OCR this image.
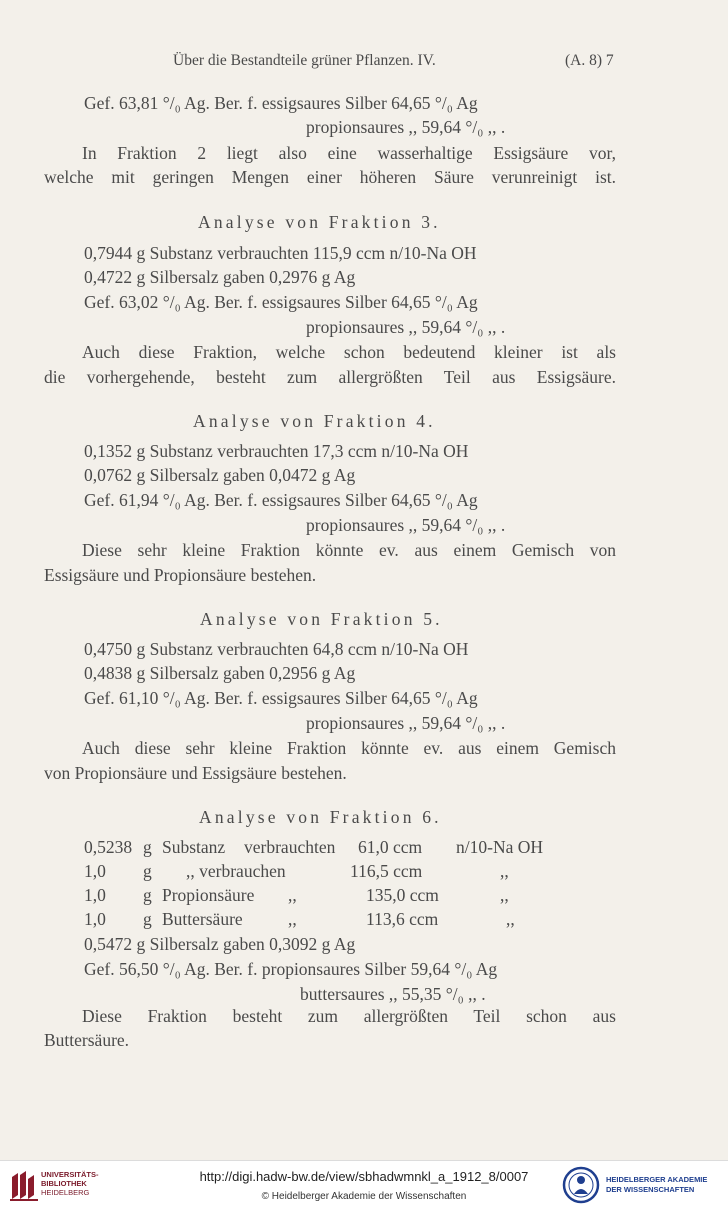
Über die Bestandteile grüner Pflanzen. IV.	(A. 8) 7
Gef. 63,81 °/₀ Ag. Ber. f. essigsaures Silber 64,65 °/₀ Ag
propionsaures ,, 59,64 °/₀ ,, .
In Fraktion 2 liegt also eine wasserhaltige Essigsäure vor,
welche mit geringen Mengen einer höheren Säure verunreinigt ist.
Analyse von Fraktion 3.
0,7944 g Substanz verbrauchten 115,9 ccm n/10-Na OH
0,4722 g Silbersalz gaben 0,2976 g Ag
Gef. 63,02 °/₀ Ag. Ber. f. essigsaures Silber 64,65 °/₀ Ag
propionsaures ,, 59,64 °/₀ ,, .
Auch diese Fraktion, welche schon bedeutend kleiner ist als
die vorhergehende, besteht zum allergrößten Teil aus Essigsäure.
Analyse von Fraktion 4.
0,1352 g Substanz verbrauchten 17,3 ccm n/10-Na OH
0,0762 g Silbersalz gaben 0,0472 g Ag
Gef. 61,94 °/₀ Ag. Ber. f. essigsaures Silber 64,65 °/₀ Ag
propionsaures ,, 59,64 °/₀ ,, .
Diese sehr kleine Fraktion könnte ev. aus einem Gemisch von
Essigsäure und Propionsäure bestehen.
Analyse von Fraktion 5.
0,4750 g Substanz verbrauchten 64,8 ccm n/10-Na OH
0,4838 g Silbersalz gaben 0,2956 g Ag
Gef. 61,10 °/₀ Ag. Ber. f. essigsaures Silber 64,65 °/₀ Ag
propionsaures ,, 59,64 °/₀ ,, .
Auch diese sehr kleine Fraktion könnte ev. aus einem Gemisch
von Propionsäure und Essigsäure bestehen.
Analyse von Fraktion 6.
0,5238 g Substanz verbrauchten 61,0 ccm n/10-Na OH
1,0 g ,, verbrauchen	116,5 ccm	,,
1,0 g Propionsäure ,,	135,0 ccm	,,
1,0 g Buttersäure	,,	113,6 ccm	,,
0,5472 g Silbersalz gaben 0,3092 g Ag
Gef. 56,50 °/₀ Ag. Ber. f. propionsaures Silber 59,64 °/₀ Ag
buttersaures ,, 55,35 °/₀ ,, .
Diese Fraktion besteht zum allergrößten Teil schon aus
Buttersäure.
UNIVERSITÄTS-
BIBLIOTHEK
HEIDELBERG
http://digi.hadw-bw.de/view/sbhadwmnkl_a_1912_8/0007
© Heidelberger Akademie der Wissenschaften
HEIDELBERGER AKADEMIE
DER WISSENSCHAFTEN
